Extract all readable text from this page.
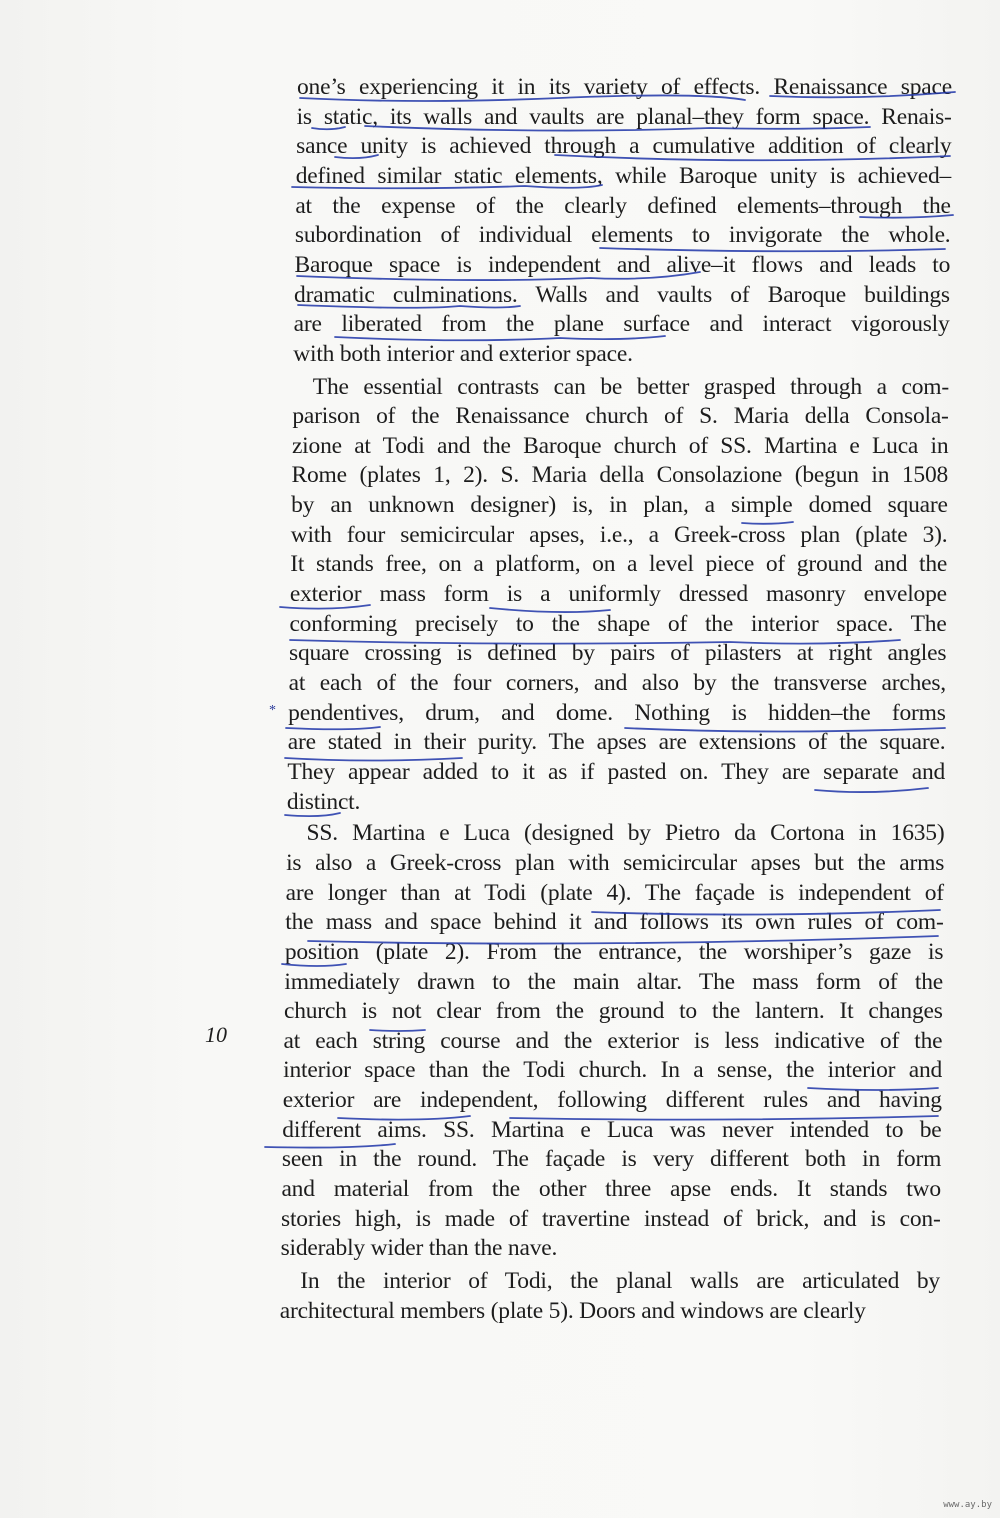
one’s experiencing it in its variety of effects. Renaissance space
is static, its walls and vaults are planal–they form space. Renais-
sance unity is achieved through a cumulative addition of clearly
defined similar static elements, while Baroque unity is achieved–
at the expense of the clearly defined elements–through the
subordination of individual elements to invigorate the whole.
Baroque space is independent and alive–it flows and leads to
dramatic culminations. Walls and vaults of Baroque buildings
are liberated from the plane surface and interact vigorously
with both interior and exterior space.
The essential contrasts can be better grasped through a com-
parison of the Renaissance church of S. Maria della Consola-
zione at Todi and the Baroque church of SS. Martina e Luca in
Rome (plates 1, 2). S. Maria della Consolazione (begun in 1508
by an unknown designer) is, in plan, a simple domed square
with four semicircular apses, i.e., a Greek-cross plan (plate 3).
It stands free, on a platform, on a level piece of ground and the
exterior mass form is a uniformly dressed masonry envelope
conforming precisely to the shape of the interior space. The
square crossing is defined by pairs of pilasters at right angles
at each of the four corners, and also by the transverse arches,
pendentives, drum, and dome. Nothing is hidden–the forms
are stated in their purity. The apses are extensions of the square.
They appear added to it as if pasted on. They are separate and
distinct.
SS. Martina e Luca (designed by Pietro da Cortona in 1635)
is also a Greek-cross plan with semicircular apses but the arms
are longer than at Todi (plate 4). The façade is independent of
the mass and space behind it and follows its own rules of com-
position (plate 2). From the entrance, the worshiper’s gaze is
immediately drawn to the main altar. The mass form of the
church is not clear from the ground to the lantern. It changes
at each string course and the exterior is less indicative of the
interior space than the Todi church. In a sense, the interior and
exterior are independent, following different rules and having
different aims. SS. Martina e Luca was never intended to be
seen in the round. The façade is very different both in form
and material from the other three apse ends. It stands two
stories high, is made of travertine instead of brick, and is con-
siderably wider than the nave.
In the interior of Todi, the planal walls are articulated by
architectural members (plate 5). Doors and windows are clearly
*
10
www.ay.by
